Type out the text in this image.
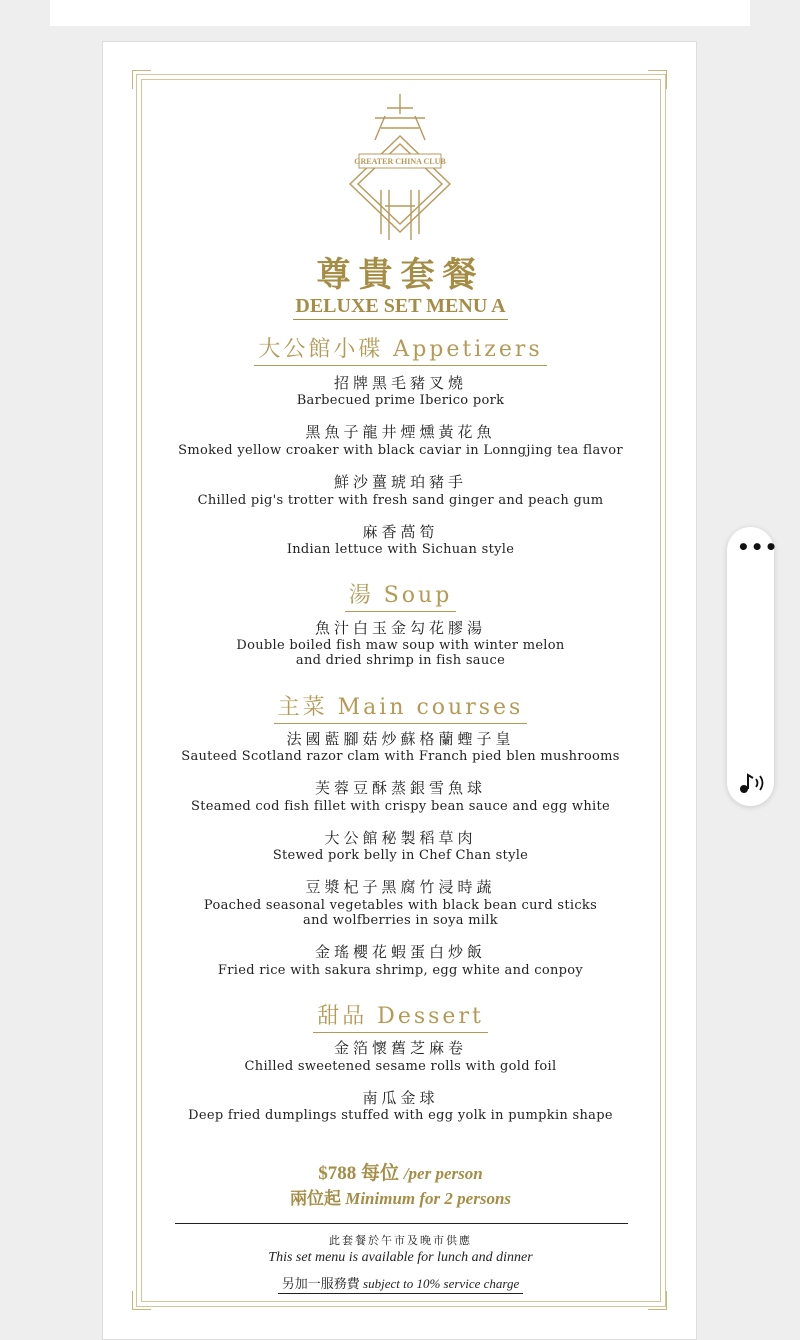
GREATER CHINA CLUB
尊貴套餐
DELUXE SET MENU A
大公館小碟 Appetizers
招牌黑毛豬叉燒
Barbecued prime Iberico pork
黑魚子龍井煙燻黃花魚
Smoked yellow croaker with black caviar in Lonngjing tea flavor
鮮沙薑琥珀豬手
Chilled pig's trotter with fresh sand ginger and peach gum
麻香萵筍
Indian lettuce with Sichuan style
湯 Soup
魚汁白玉金勾花膠湯
Double boiled fish maw soup with winter melon
and dried shrimp in fish sauce
主菜 Main courses
法國藍腳菇炒蘇格蘭蟶子皇
Sauteed Scotland razor clam with Franch pied blen mushrooms
芙蓉豆酥蒸銀雪魚球
Steamed cod fish fillet with crispy bean sauce and egg white
大公館秘製稻草肉
Stewed pork belly in Chef Chan style
豆漿杞子黑腐竹浸時蔬
Poached seasonal vegetables with black bean curd sticks
and wolfberries in soya milk
金瑤櫻花蝦蛋白炒飯
Fried rice with sakura shrimp, egg white and conpoy
甜品 Dessert
金箔懷舊芝麻卷
Chilled sweetened sesame rolls with gold foil
南瓜金球
Deep fried dumplings stuffed with egg yolk in pumpkin shape
$788 每位 /per person
兩位起 Minimum for 2 persons
此套餐於午市及晚市供應
This set menu is available for lunch and dinner
另加一服務費 subject to 10% service charge
•••
